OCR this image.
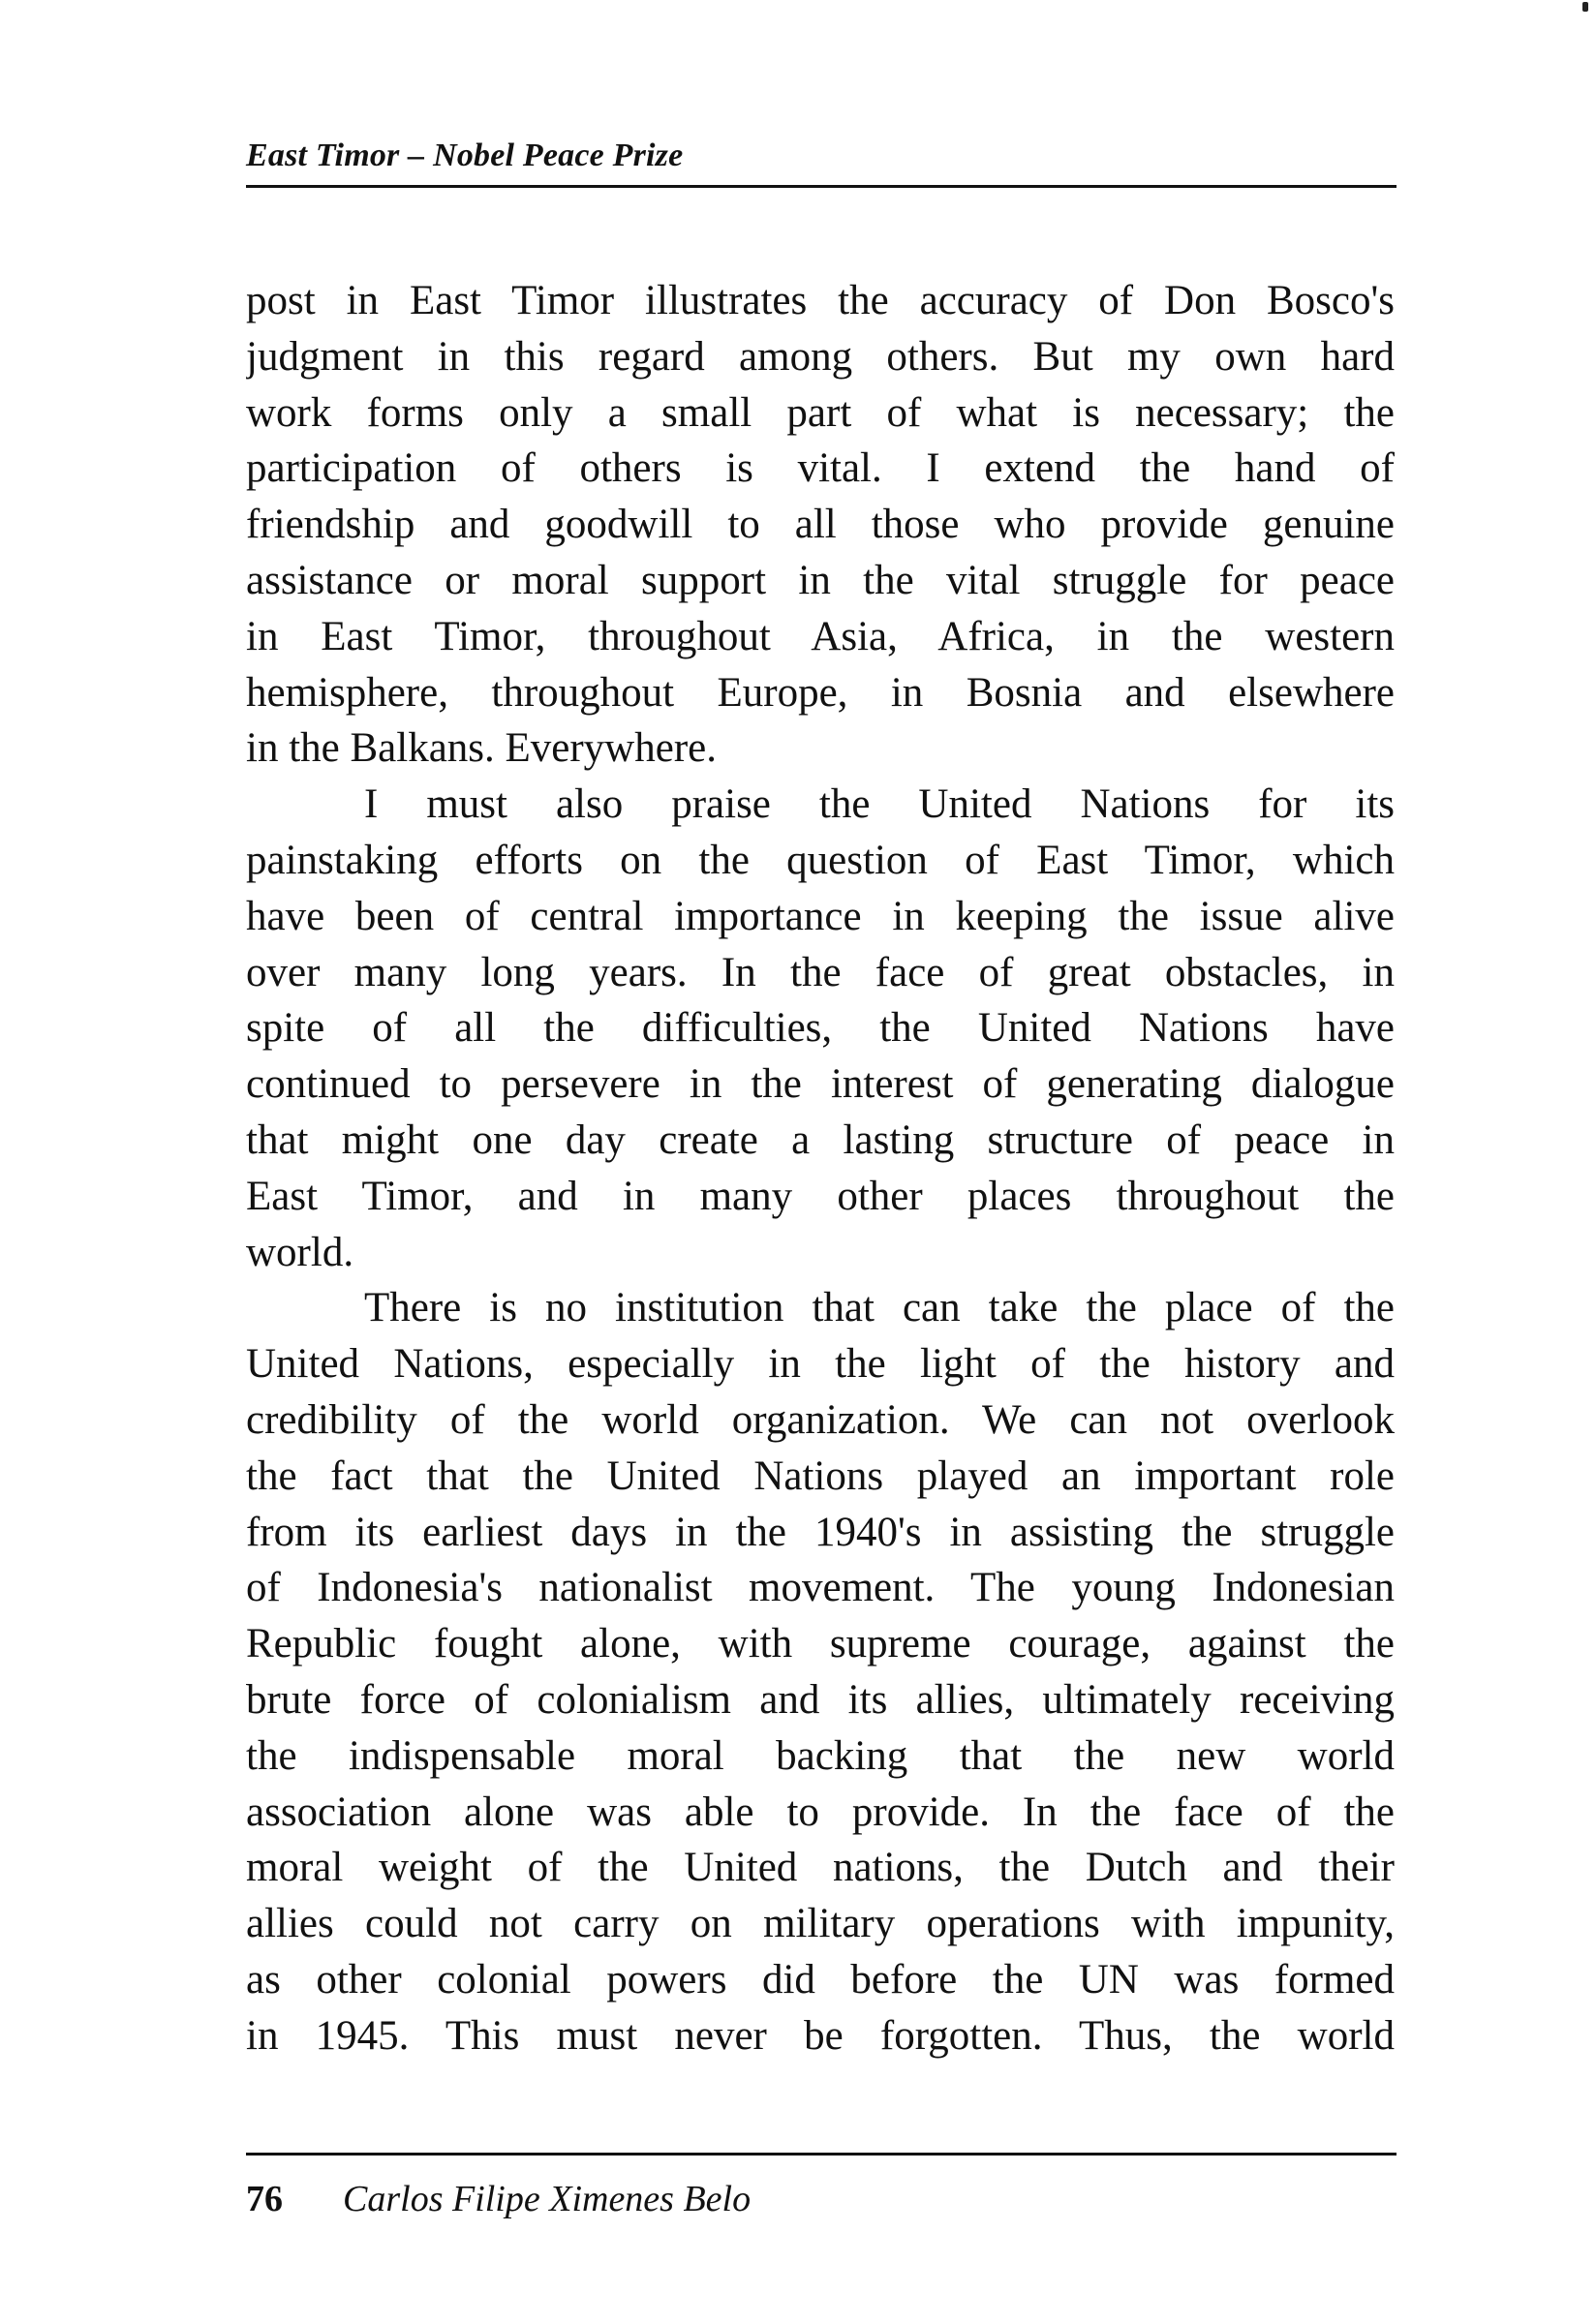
East Timor – Nobel Peace Prize
post in East Timor illustrates the accuracy of Don Bosco's
judgment in this regard among others. But my own hard
work forms only a small part of what is necessary; the
participation of others is vital. I extend the hand of
friendship and goodwill to all those who provide genuine
assistance or moral support in the vital struggle for peace
in East Timor, throughout Asia, Africa, in the western
hemisphere, throughout Europe, in Bosnia and elsewhere
in the Balkans. Everywhere.
I must also praise the United Nations for its
painstaking efforts on the question of East Timor, which
have been of central importance in keeping the issue alive
over many long years. In the face of great obstacles, in
spite of all the difficulties, the United Nations have
continued to persevere in the interest of generating dialogue
that might one day create a lasting structure of peace in
East Timor, and in many other places throughout the
world.
There is no institution that can take the place of the
United Nations, especially in the light of the history and
credibility of the world organization. We can not overlook
the fact that the United Nations played an important role
from its earliest days in the 1940's in assisting the struggle
of Indonesia's nationalist movement. The young Indonesian
Republic fought alone, with supreme courage, against the
brute force of colonialism and its allies, ultimately receiving
the indispensable moral backing that the new world
association alone was able to provide. In the face of the
moral weight of the United nations, the Dutch and their
allies could not carry on military operations with impunity,
as other colonial powers did before the UN was formed
in 1945. This must never be forgotten. Thus, the world
76 Carlos Filipe Ximenes Belo
